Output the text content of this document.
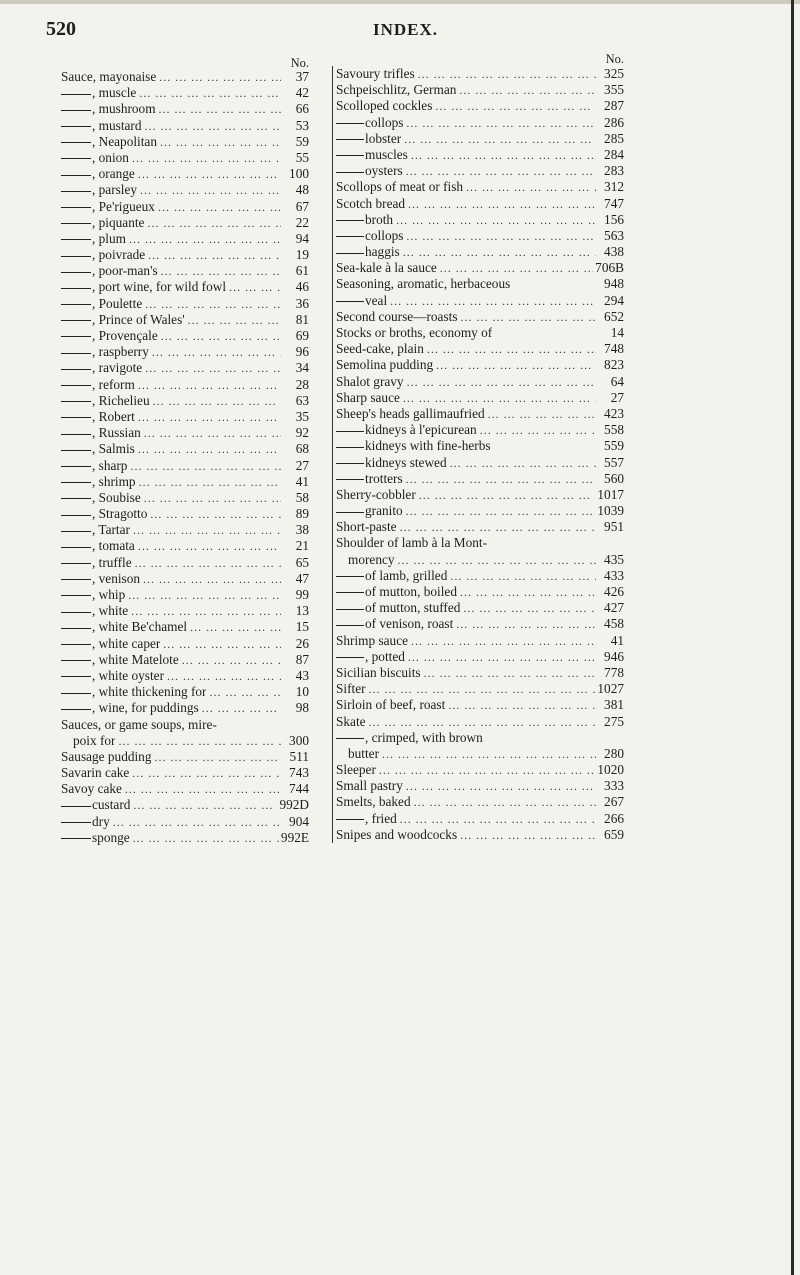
520	INDEX.
No.
Sauce, mayonaise ... .	37
, muscle ... .	42
, mushroom ... .	66
, mustard ... .	53
, Neapolitan ... .	59
, onion ... .	55
, orange ... .	100
, parsley ... .	48
, Pe'rigueux ... .	67
, piquante ... .	22
, plum ... .	94
, poivrade ... .	19
, poor-man's ... .	61
, port wine, for wild fowl ... .	46
, Poulette ... .	36
, Prince of Wales' ... .	81
, Provençale ... .	69
, raspberry ... .	96
, ravigote ... .	34
, reform ... .	28
, Richelieu ... .	63
, Robert ... .	35
, Russian ... .	92
, Salmis ... .	68
, sharp ... .	27
, shrimp ... .	41
, Soubise ... .	58
, Stragotto ... .	89
, Tartar ... .	38
, tomata ... .	21
, truffle ... .	65
, venison ... .	47
, whip ... .	99
, white ... .	13
, white Be'chamel ... .	15
, white caper ... .	26
, white Matelote ... .	87
, white oyster ... .	43
, white thickening for ... .	10
, wine, for puddings ... .	98
Sauces, or game soups, mire-
poix for ... .	300
Sausage pudding ... .	511
Savarin cake ... .	743
Savoy cake ... .	744
custard ... .	992D
dry ... .	904
sponge ... .	992E
No.
Savoury trifles ... .	325
Schpeischlitz, German ... .	355
Scolloped cockles ... .	287
collops ... .	286
lobster ... .	285
muscles ... .	284
oysters ... .	283
Scollops of meat or fish ... .	312
Scotch bread ... .	747
broth ... .	156
collops ... .	563
haggis ... .	438
Sea-kale à la sauce ... .	706B
Seasoning, aromatic, herbaceous	948
veal ... .	294
Second course—roasts ... .	652
Stocks or broths, economy of	14
Seed-cake, plain ... .	748
Semolina pudding ... .	823
Shalot gravy ... .	64
Sharp sauce ... .	27
Sheep's heads gallimaufried ... .	423
kidneys à l'epicurean ... .	558
kidneys with fine-herbs	559
kidneys stewed ... .	557
trotters ... .	560
Sherry-cobbler ... .	1017
granito ... .	1039
Short-paste ... .	951
Shoulder of lamb à la Mont-
morency ... .	435
of lamb, grilled ... .	433
of mutton, boiled ... .	426
of mutton, stuffed ... .	427
of venison, roast ... .	458
Shrimp sauce ... .	41
, potted ... .	946
Sicilian biscuits ... .	778
Sifter ... .	1027
Sirloin of beef, roast ... .	381
Skate ... .	275
, crimped, with brown
butter ... .	280
Sleeper ... .	1020
Small pastry ... .	333
Smelts, baked ... .	267
, fried ... .	266
Snipes and woodcocks ... .	659
